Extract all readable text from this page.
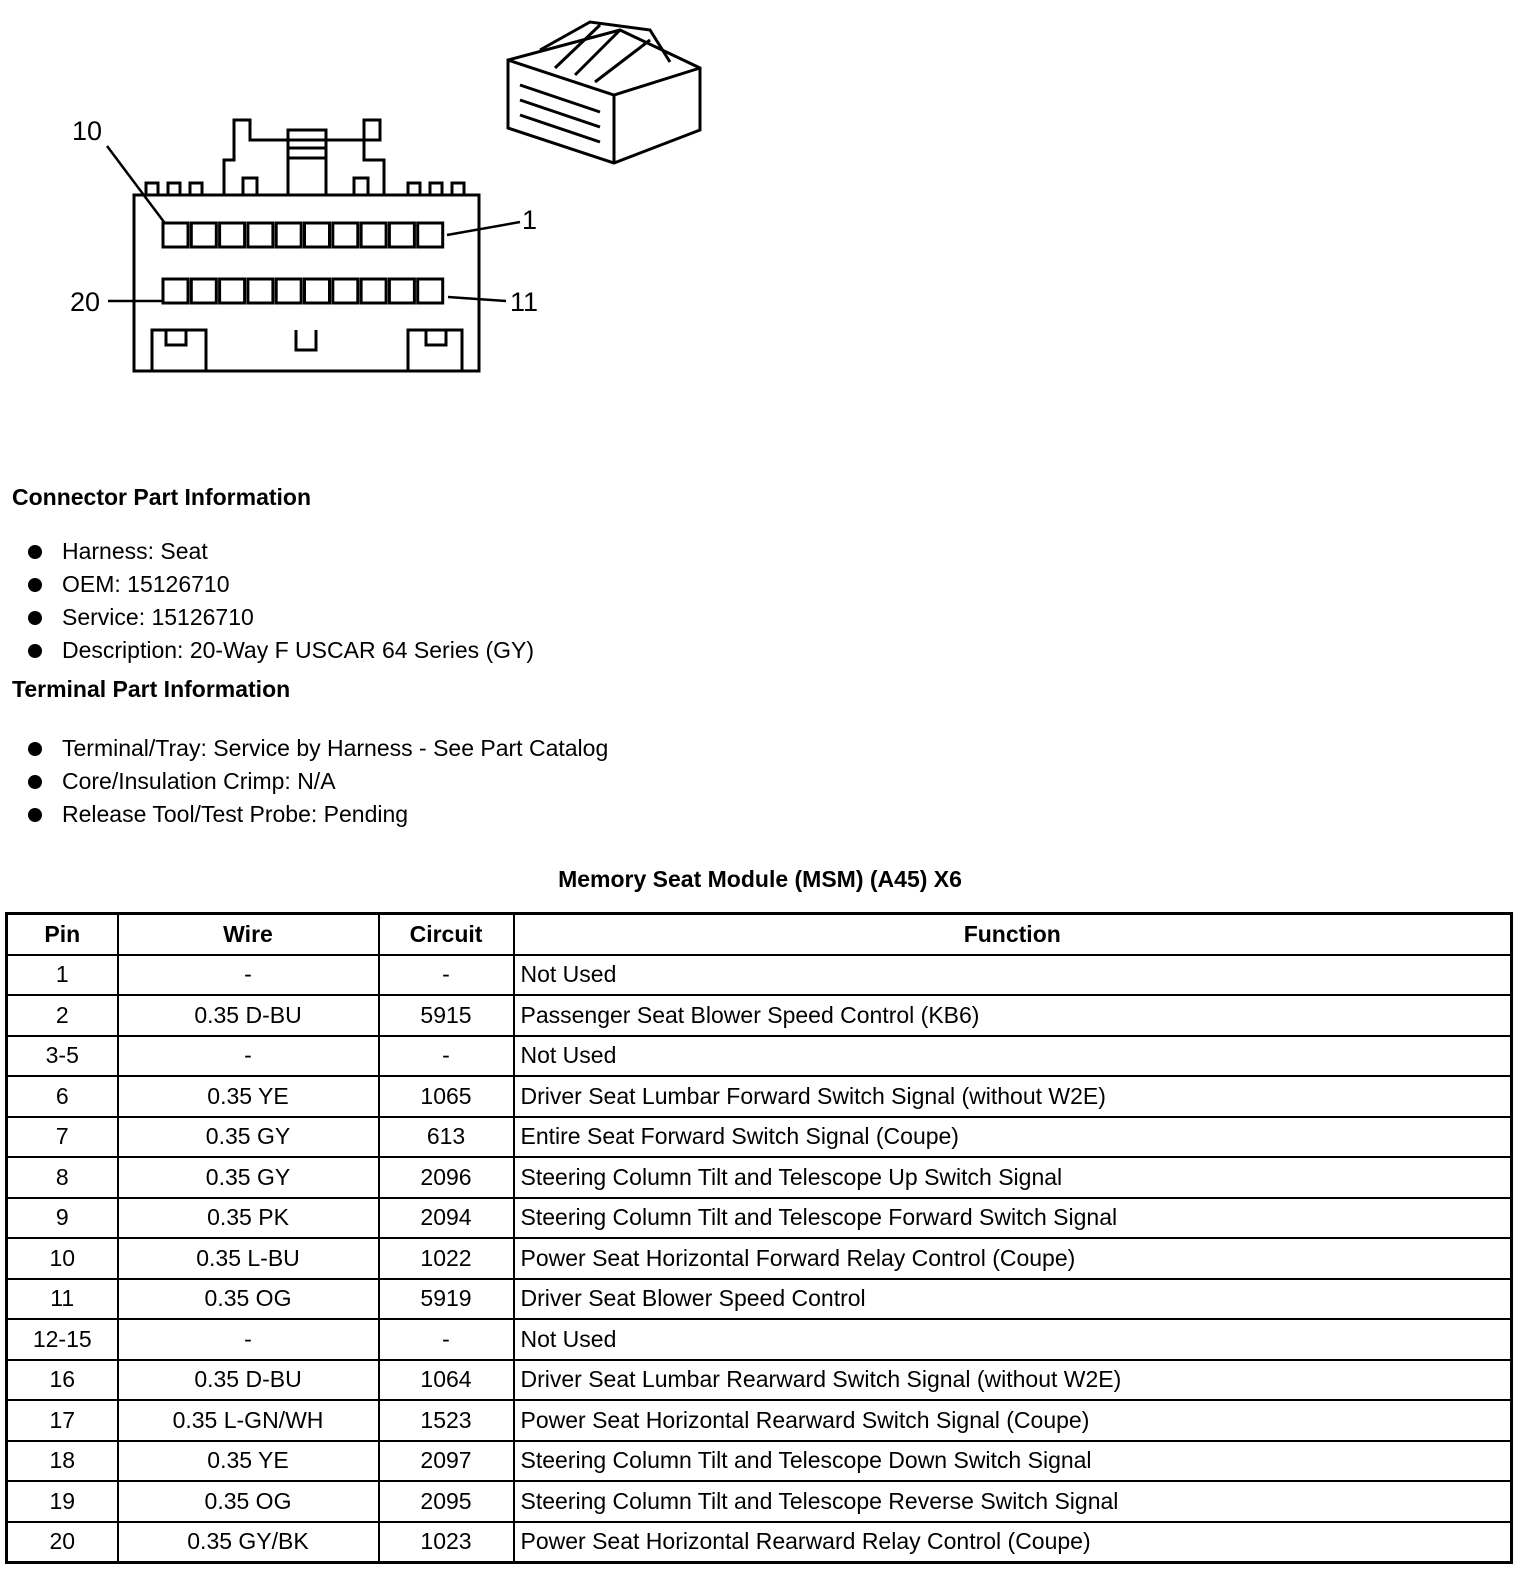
10
1
20	11
Connector Part Information
Harness: Seat
OEM: 15126710
Service: 15126710
Description: 20-Way F USCAR 64 Series (GY)
Terminal Part Information
Terminal/Tray: Service by Harness - See Part Catalog
Core/Insulation Crimp: N/A
Release Tool/Test Probe: Pending
Memory Seat Module (MSM) (A45) X6
Pin	Wire	Circuit	Function
1	-	-	Not Used
2	0.35 D-BU	5915	Passenger Seat Blower Speed Control (KB6)
3-5	-	-	Not Used
6	0.35 YE	1065	Driver Seat Lumbar Forward Switch Signal (without W2E)
7	0.35 GY	613	Entire Seat Forward Switch Signal (Coupe)
8	0.35 GY	2096	Steering Column Tilt and Telescope Up Switch Signal
9	0.35 PK	2094	Steering Column Tilt and Telescope Forward Switch Signal
10	0.35 L-BU	1022	Power Seat Horizontal Forward Relay Control (Coupe)
11	0.35 OG	5919	Driver Seat Blower Speed Control
12-15	-	-	Not Used
16	0.35 D-BU	1064	Driver Seat Lumbar Rearward Switch Signal (without W2E)
17	0.35 L-GN/WH	1523	Power Seat Horizontal Rearward Switch Signal (Coupe)
18	0.35 YE	2097	Steering Column Tilt and Telescope Down Switch Signal
19	0.35 OG	2095	Steering Column Tilt and Telescope Reverse Switch Signal
20	0.35 GY/BK	1023	Power Seat Horizontal Rearward Relay Control (Coupe)
